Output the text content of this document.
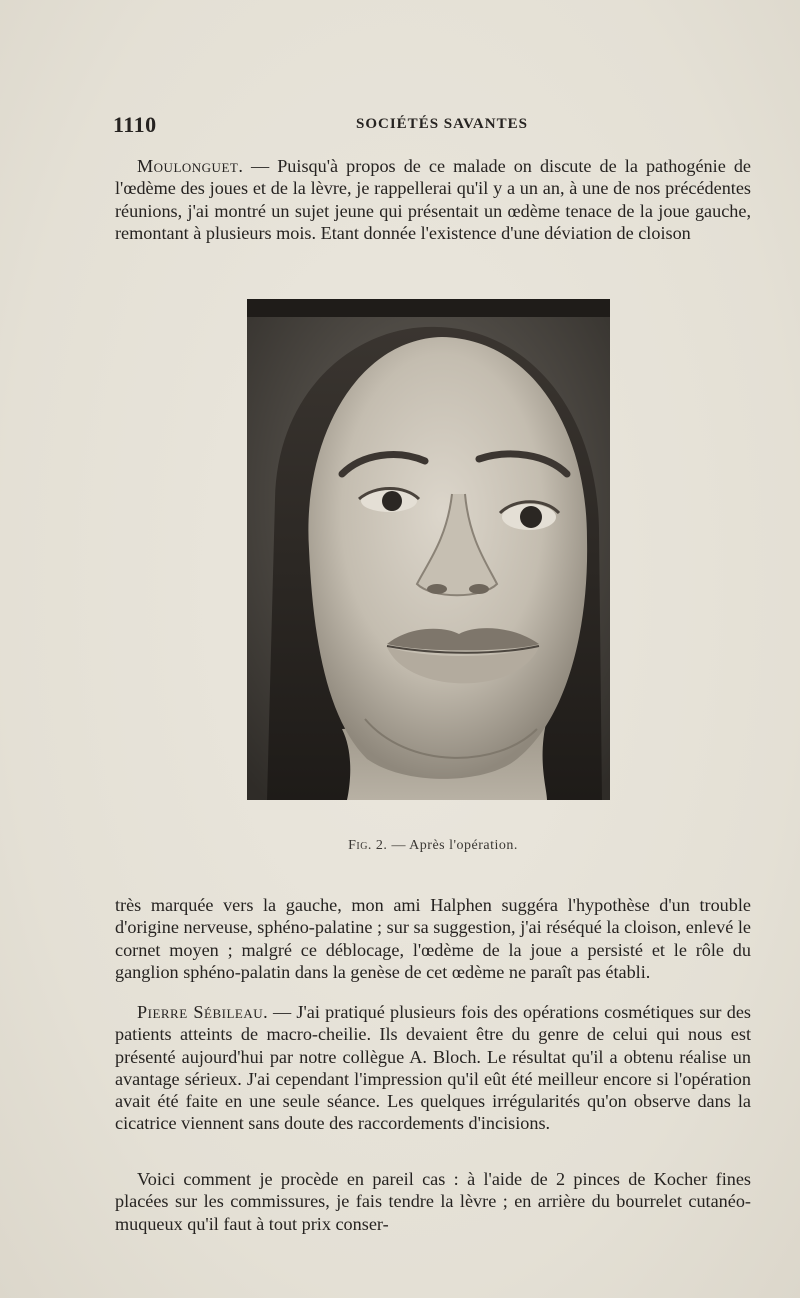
1110	SOCIÉTÉS SAVANTES

Moulonguet. — Puisqu'à propos de ce malade on discute de la pathogénie de l'œdème des joues et de la lèvre, je rappellerai qu'il y a un an, à une de nos précédentes réunions, j'ai montré un sujet jeune qui présentait un œdème tenace de la joue gauche, remontant à plusieurs mois. Etant donnée l'existence d'une déviation de cloison

Fig. 2. — Après l'opération.

très marquée vers la gauche, mon ami Halphen suggéra l'hypothèse d'un trouble d'origine nerveuse, sphéno-palatine ; sur sa suggestion, j'ai réséqué la cloison, enlevé le cornet moyen ; malgré ce déblocage, l'œdème de la joue a persisté et le rôle du ganglion sphéno-palatin dans la genèse de cet œdème ne paraît pas établi.

Pierre Sébileau. — J'ai pratiqué plusieurs fois des opérations cosmétiques sur des patients atteints de macro-cheilie. Ils devaient être du genre de celui qui nous est présenté aujourd'hui par notre collègue A. Bloch. Le résultat qu'il a obtenu réalise un avantage sérieux. J'ai cependant l'impression qu'il eût été meilleur encore si l'opération avait été faite en une seule séance. Les quelques irrégularités qu'on observe dans la cicatrice viennent sans doute des raccordements d'incisions.

Voici comment je procède en pareil cas : à l'aide de 2 pinces de Kocher fines placées sur les commissures, je fais tendre la lèvre ; en arrière du bourrelet cutanéo-muqueux qu'il faut à tout prix conser-
